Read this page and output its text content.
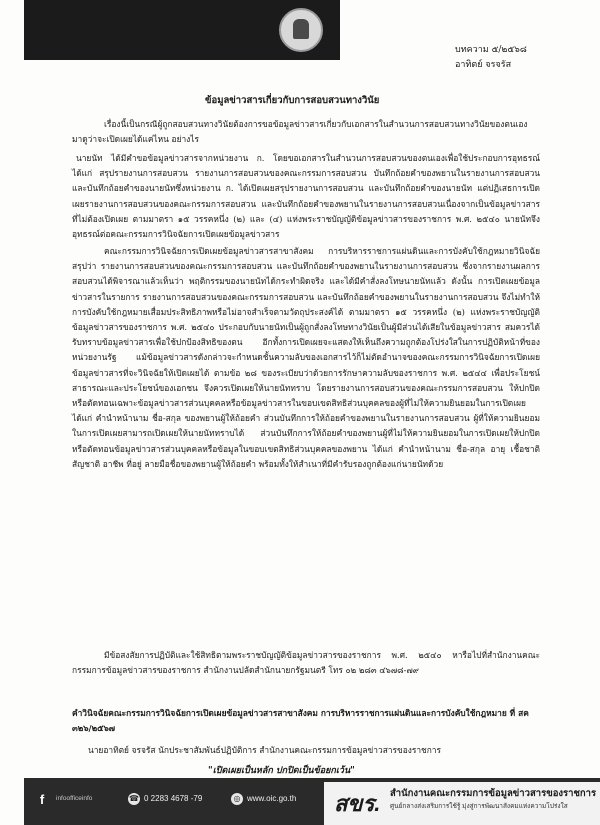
บทความ ๕/๒๕๖๘
อาทิตย์ จรจรัส
ข้อมูลข่าวสารเกี่ยวกับการสอบสวนทางวินัย

เรื่องนี้เป็นกรณีผู้ถูกสอบสวนทางวินัยต้องการขอข้อมูลข่าวสารเกี่ยวกับเอกสารในสำนวนการสอบสวนทางวินัยของตนเอง มาดูว่าจะเปิดเผยได้แค่ไหน อย่างไร

นายนัท ได้มีคำขอข้อมูลข่าวสารจากหน่วยงาน ก. โดยขอเอกสารในสำนวนการสอบสวนของตนเองเพื่อใช้ประกอบการอุทธรณ์ ได้แก่ สรุปรายงานการสอบสวน รายงานการสอบสวนของคณะกรรมการสอบสวน บันทึกถ้อยคำของพยานในรายงานการสอบสวน และบันทึกถ้อยคำของนายนัทซึ่งหน่วยงาน ก. ได้เปิดเผยสรุปรายงานการสอบสวน และบันทึกถ้อยคำของนายนัท แต่ปฏิเสธการเปิดเผยรายงานการสอบสวนของคณะกรรมการสอบสวน และบันทึกถ้อยคำของพยานในรายงานการสอบสวนเนื่องจากเป็นข้อมูลข่าวสารที่ไม่ต้องเปิดเผย ตามมาตรา ๑๕ วรรคหนึ่ง (๒) และ (๔) แห่งพระราชบัญญัติข้อมูลข่าวสารของราชการ พ.ศ. ๒๕๔๐ นายนัทจึงอุทธรณ์ต่อคณะกรรมการวินิจฉัยการเปิดเผยข้อมูลข่าวสาร

คณะกรรมการวินิจฉัยการเปิดเผยข้อมูลข่าวสารสาขาสังคม การบริหารราชการแผ่นดินและการบังคับใช้กฎหมายวินิจฉัยสรุปว่า รายงานการสอบสวนของคณะกรรมการสอบสวน และบันทึกถ้อยคำของพยานในรายงานการสอบสวน ซึ่งจากรายงานผลการสอบสวนได้พิจารณาแล้วเห็นว่า พฤติกรรมของนายนัทได้กระทำผิดจริง และได้มีคำสั่งลงโทษนายนัทแล้ว ดังนั้น การเปิดเผยข้อมูลข่าวสารในรายการ รายงานการสอบสวนของคณะกรรมการสอบสวน และบันทึกถ้อยคำของพยานในรายงานการสอบสวน จึงไม่ทำให้การบังคับใช้กฎหมายเสื่อมประสิทธิภาพหรือไม่อาจสำเร็จตามวัตถุประสงค์ได้ ตามมาตรา ๑๕ วรรคหนึ่ง (๒) แห่งพระราชบัญญัติข้อมูลข่าวสารของราชการ พ.ศ. ๒๕๔๐ ประกอบกับนายนัทเป็นผู้ถูกสั่งลงโทษทางวินัยเป็นผู้มีส่วนได้เสียในข้อมูลข่าวสาร สมควรได้รับทราบข้อมูลข่าวสารเพื่อใช้ปกป้องสิทธิของตน อีกทั้งการเปิดเผยจะแสดงให้เห็นถึงความถูกต้องโปร่งใสในการปฏิบัติหน้าที่ของหน่วยงานรัฐ แม้ข้อมูลข่าวสารดังกล่าวจะกำหนดชั้นความลับของเอกสารไว้ก็ไม่ตัดอำนาจของคณะกรรมการวินิจฉัยการเปิดเผยข้อมูลข่าวสารที่จะวินิจฉัยให้เปิดเผยได้ ตามข้อ ๒๘ ของระเบียบว่าด้วยการรักษาความลับของราชการ พ.ศ. ๒๕๔๔ เพื่อประโยชน์สาธารณะและประโยชน์ของเอกชน จึงควรเปิดเผยให้นายนัททราบ โดยรายงานการสอบสวนของคณะกรรมการสอบสวน ให้ปกปิดหรือตัดทอนเฉพาะข้อมูลข่าวสารส่วนบุคคลหรือข้อมูลข่าวสารในขอบเขตสิทธิส่วนบุคคลของผู้ที่ไม่ให้ความยินยอมในการเปิดเผย ได้แก่ คำนำหน้านาม ชื่อ-สกุล ของพยานผู้ให้ถ้อยคำ ส่วนบันทึกการให้ถ้อยคำของพยานในรายงานการสอบสวน ผู้ที่ให้ความยินยอมในการเปิดเผยสามารถเปิดเผยให้นายนัททราบได้ ส่วนบันทึกการให้ถ้อยคำของพยานผู้ที่ไม่ให้ความยินยอมในการเปิดเผยให้ปกปิดหรือตัดทอนข้อมูลข่าวสารส่วนบุคคลหรือข้อมูลในขอบเขตสิทธิส่วนบุคคลของพยาน ได้แก่ คำนำหน้านาม ชื่อ-สกุล อายุ เชื้อชาติ สัญชาติ อาชีพ ที่อยู่ ลายมือชื่อของพยานผู้ให้ถ้อยคำ พร้อมทั้งให้สำเนาที่มีคำรับรองถูกต้องแก่นายนัทด้วย

มีข้อสงสัยการปฏิบัติและใช้สิทธิตามพระราชบัญญัติข้อมูลข่าวสารของราชการ พ.ศ. ๒๕๔๐ หารือไปที่สำนักงานคณะกรรมการข้อมูลข่าวสารของราชการ สำนักงานปลัดสำนักนายกรัฐมนตรี โทร ๐๒ ๒๘๓ ๔๖๗๘-๗๙

คำวินิจฉัยคณะกรรมการวินิจฉัยการเปิดเผยข้อมูลข่าวสารสาขาสังคม การบริหารราชการแผ่นดินและการบังคับใช้กฎหมาย ที่ สค ๓๒๖/๒๕๖๗
นายอาทิตย์ จรจรัส นักประชาสัมพันธ์ปฏิบัติการ สำนักงานคณะกรรมการข้อมูลข่าวสารของราชการ
"เปิดเผยเป็นหลัก ปกปิดเป็นข้อยกเว้น"
f	infoofficeinfo	☎ 0 2283 4678 -79	◎ www.oic.go.th สขร. สำนักงานคณะกรรมการข้อมูลข่าวสารของราชการ
ศูนย์กลางส่งเสริมการใช้รู้ มุ่งสู่การพัฒนาสังคมแห่งความโปร่งใส
